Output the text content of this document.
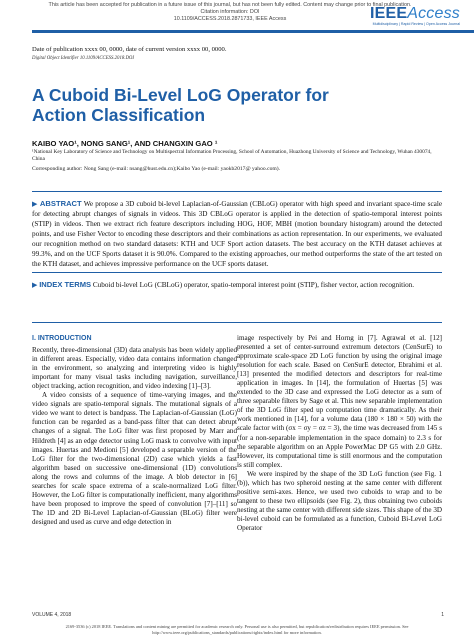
This article has been accepted for publication in a future issue of this journal, but has not been fully edited. Content may change prior to final publication. Citation information: DOI
10.1109/ACCESS.2018.2871733, IEEE Access	IEEEAccess
Multidisciplinary | Rapid Review | Open Access Journal
Date of publication xxxx 00, 0000, date of current version xxxx 00, 0000.
Digital Object Identifier 10.1109/ACCESS.2018.DOI
A Cuboid Bi-Level LoG Operator for Action Classification
KAIBO YAO¹, NONG SANG¹, AND CHANGXIN GAO ¹
¹National Key Laboratory of Science and Technology on Multispectral Information Processing, School of Automation, Huazhong University of Science and Technology, Wuhan 430074, China
Corresponding author: Nong Sang (e-mail: nsang@hust.edu.cn);Kaibo Yao (e-mail: yaokb2017@ yahoo.com).
▶ ABSTRACT We propose a 3D cuboid bi-level Laplacian-of-Gaussian (CBLoG) operator with high speed and invariant space-time scale for detecting abrupt changes of signals in videos. This 3D CBLoG operator is applied in the detection of spatio-temporal interest points (STIP) in videos. Then we extract rich feature descriptors including HOG, HOF, MBH (motion boundary histogram) around the detected points, and use Fisher Vector to encoding these descriptors and their combinations as action representation. In our experiments, we evaluated our recognition method on two standard datasets: KTH and UCF Sport action datasets. The best accuracy on the KTH dataset achieves at 99.3%, and on the UCF Sports dataset it is 90.0%. Compared to the existing approaches, our method outperforms the state of the art tested on the KTH dataset, and achieves impressive performance on the UCF sports dataset.
▶ INDEX TERMS Cuboid bi-level LoG (CBLoG) operator, spatio-temporal interest point (STIP), fisher vector, action recognition.
I. INTRODUCTION

Recently, three-dimensional (3D) data analysis has been widely applied in different areas. Especially, video data contains information changed in the environment, so analyzing and interpreting video is highly important for many visual tasks including navigation, surveillance, object tracking, action recognition, and video indexing [1]–[3].

A video consists of a sequence of time-varying images, and the video signals are spatio-temporal signals. The mutational signals of a video we want to detect is bandpass. The Laplacian-of-Gaussian (LoG) function can be regarded as a band-pass filter that can detect abrupt changes of a signal. The LoG filter was first proposed by Marr and Hildreth [4] as an edge detector using LoG mask to convolve with input images. Huertas and Medioni [5] developed a separable version of the LoG filter for the two-dimensional (2D) case which yields a fast algorithm based on successive one-dimensional (1D) convolutions along the rows and columns of the image. A blob detector in [6] searches for scale space extrema of a scale-normalized LoG filter. However, the LoG filter is computationally inefficient, many algorithms have been proposed to improve the speed of convolution [7]–[11] so The 1D and 2D Bi-Level Laplacian-of-Gaussian (BLoG) filter were designed and used as curve and edge detection in

image respectively by Pei and Horng in [7]. Agrawal et al. [12] presented a set of center-surround extremum detectors (CenSurE) to approximate scale-space 2D LoG function by using the original image resolution for each scale. Based on CenSurE detector, Ebrahimi et al. [13] presented the modified detectors and descriptors for real-time application in images. In [14], the formulation of Huertas [5] was extended to the 3D case and expressed the LoG detector as a sum of three separable filters by Sage et al. This new separable implementation of the 3D LoG filter sped up computation time dramatically. As their work mentioned in [14], for a volume data (180 × 180 × 50) with the scale factor with (σx = σy = σz = 3), the time was decreased from 145 s (for a non-separable implementation in the space domain) to 2.3 s for the separable algorithm on an Apple PowerMac DP G5 with 2.0 GHz. However, its computational time is still enormous and the computation is still complex.

We were inspired by the shape of the 3D LoG function (see Fig. 1 (b)), which has two spheroid nesting at the same center with different positive semi-axes. Hence, we used two cuboids to wrap and to be tangent to these two ellipsoids (see Fig. 2), thus obtaining two cuboids nesting at the same center with different side sizes. This shape of the 3D bi-level cuboid can be formulated as a function, Cuboid Bi-Level LoG Operator

VOLUME 4, 2018	1
2169-3536 (c) 2018 IEEE. Translations and content mining are permitted for academic research only. Personal use is also permitted, but republication/redistribution requires IEEE permission. See http://www.ieee.org/publications_standards/publications/rights/index.html for more information.
